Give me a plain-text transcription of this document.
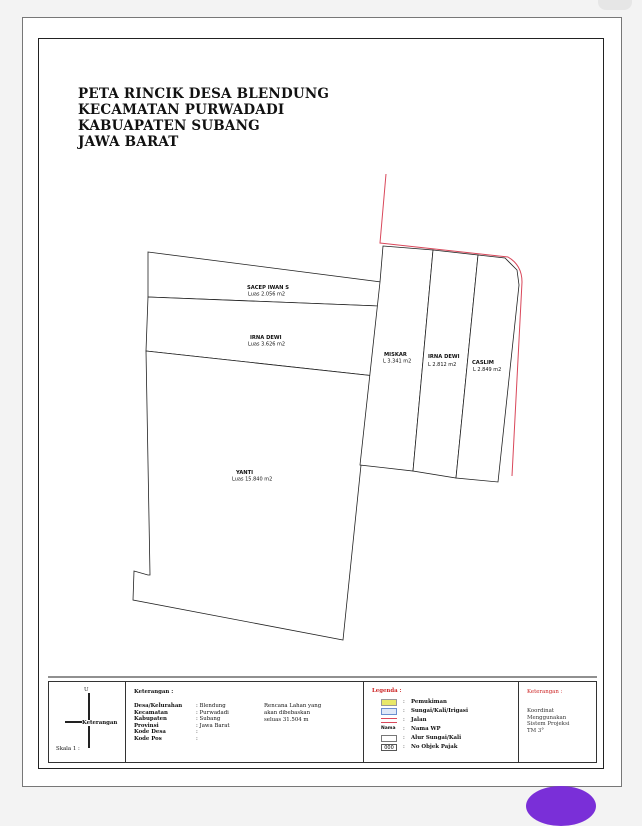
PETA RINCIK DESA BLENDUNG
KECAMATAN PURWADADI
KABUAPATEN SUBANG
JAWA BARAT
SACEP IWAN S
Luas 2.056 m2
IRNA DEWI
Luas 3.626 m2
YANTI
Luas 15.840 m2
MISKAR
L 3.341 m2
IRNA DEWI
L 2.812 m2	CASLIM
L 2.849 m2
U
Keterangan
Skala 1 :
Keterangan :
Desa/Kelurahan	: Blendung
Kecamatan	: Purwadadi
Kabupaten	: Subang
Provinsi	: Jawa Barat
Kode Desa	:
Kode Pos	:
Rencana Lahan yang
akan dibebaskan
seluas 31.504 m
Legenda :
: Pemukiman
: Sungai/Kali/Irigasi
: Jalan
Nama : Nama WP
: Alur Sungai/Kali
000	: No Objek Pajak
Keterangan :
Koordinat
Menggunakan
Sistem Projeksi
TM 3°
